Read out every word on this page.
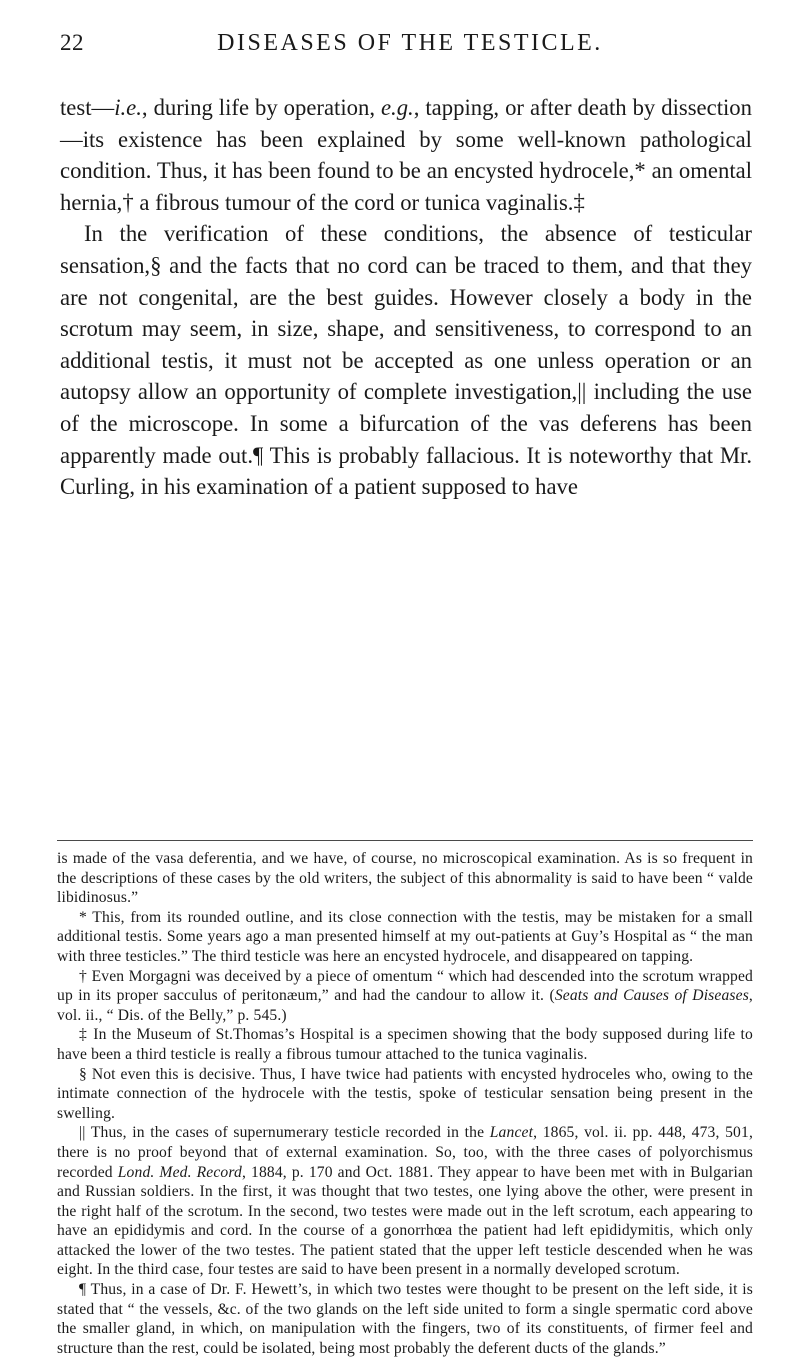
22	DISEASES OF THE TESTICLE.

test—i.e., during life by operation, e.g., tapping, or after death by dissection—its existence has been explained by some well-known pathological condition. Thus, it has been found to be an encysted hydrocele,* an omental hernia,† a fibrous tumour of the cord or tunica vaginalis.‡

In the verification of these conditions, the absence of testicular sensation,§ and the facts that no cord can be traced to them, and that they are not congenital, are the best guides. However closely a body in the scrotum may seem, in size, shape, and sensitiveness, to correspond to an additional testis, it must not be accepted as one unless operation or an autopsy allow an opportunity of complete investigation,|| including the use of the microscope. In some a bifurcation of the vas deferens has been apparently made out.¶ This is probably fallacious. It is noteworthy that Mr. Curling, in his examination of a patient supposed to have

is made of the vasa deferentia, and we have, of course, no microscopical examination. As is so frequent in the descriptions of these cases by the old writers, the subject of this abnormality is said to have been “ valde libidinosus.”

* This, from its rounded outline, and its close connection with the testis, may be mistaken for a small additional testis. Some years ago a man presented himself at my out-patients at Guy’s Hospital as “ the man with three testicles.” The third testicle was here an encysted hydrocele, and disappeared on tapping.

† Even Morgagni was deceived by a piece of omentum “ which had descended into the scrotum wrapped up in its proper sacculus of peritonæum,” and had the candour to allow it. (Seats and Causes of Diseases, vol. ii., “ Dis. of the Belly,” p. 545.)

‡ In the Museum of St.Thomas’s Hospital is a specimen showing that the body supposed during life to have been a third testicle is really a fibrous tumour attached to the tunica vaginalis.

§ Not even this is decisive. Thus, I have twice had patients with encysted hydroceles who, owing to the intimate connection of the hydrocele with the testis, spoke of testicular sensation being present in the swelling.

|| Thus, in the cases of supernumerary testicle recorded in the Lancet, 1865, vol. ii. pp. 448, 473, 501, there is no proof beyond that of external examination. So, too, with the three cases of polyorchismus recorded Lond. Med. Record, 1884, p. 170 and Oct. 1881. They appear to have been met with in Bulgarian and Russian soldiers. In the first, it was thought that two testes, one lying above the other, were present in the right half of the scrotum. In the second, two testes were made out in the left scrotum, each appearing to have an epididymis and cord. In the course of a gonorrhœa the patient had left epididymitis, which only attacked the lower of the two testes. The patient stated that the upper left testicle descended when he was eight. In the third case, four testes are said to have been present in a normally developed scrotum.

¶ Thus, in a case of Dr. F. Hewett’s, in which two testes were thought to be present on the left side, it is stated that “ the vessels, &c. of the two glands on the left side united to form a single spermatic cord above the smaller gland, in which, on manipulation with the fingers, two of its constituents, of firmer feel and structure than the rest, could be isolated, being most probably the deferent ducts of the glands.”
